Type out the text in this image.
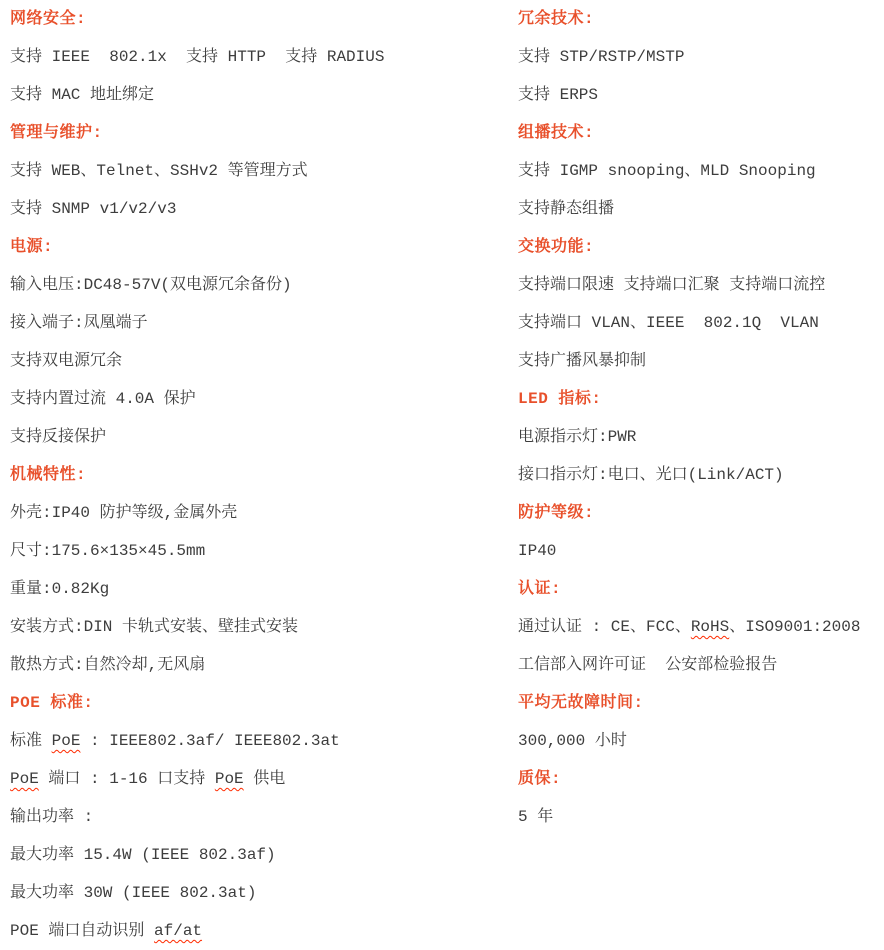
网络安全:
支持 IEEE  802.1x  支持 HTTP  支持 RADIUS
支持 MAC 地址绑定
管理与维护:
支持 WEB、Telnet、SSHv2 等管理方式
支持 SNMP v1/v2/v3
电源:
输入电压:DC48-57V(双电源冗余备份)
接入端子:凤凰端子
支持双电源冗余
支持内置过流 4.0A 保护
支持反接保护
机械特性:
外壳:IP40 防护等级,金属外壳
尺寸:175.6×135×45.5mm
重量:0.82Kg
安装方式:DIN 卡轨式安装、壁挂式安装
散热方式:自然冷却,无风扇
POE 标准:
标准 PoE : IEEE802.3af/ IEEE802.3at
PoE 端口 : 1-16 口支持 PoE 供电
输出功率 :
最大功率 15.4W (IEEE 802.3af)
最大功率 30W (IEEE 802.3at)
POE 端口自动识别 af/at
冗余技术:
支持 STP/RSTP/MSTP
支持 ERPS
组播技术:
支持 IGMP snooping、MLD Snooping
支持静态组播
交换功能:
支持端口限速 支持端口汇聚 支持端口流控
支持端口 VLAN、IEEE  802.1Q  VLAN
支持广播风暴抑制
LED 指标:
电源指示灯:PWR
接口指示灯:电口、光口(Link/ACT)
防护等级:
IP40
认证:
通过认证 : CE、FCC、RoHS、ISO9001:2008
工信部入网许可证  公安部检验报告
平均无故障时间:
300,000 小时
质保:
5 年
